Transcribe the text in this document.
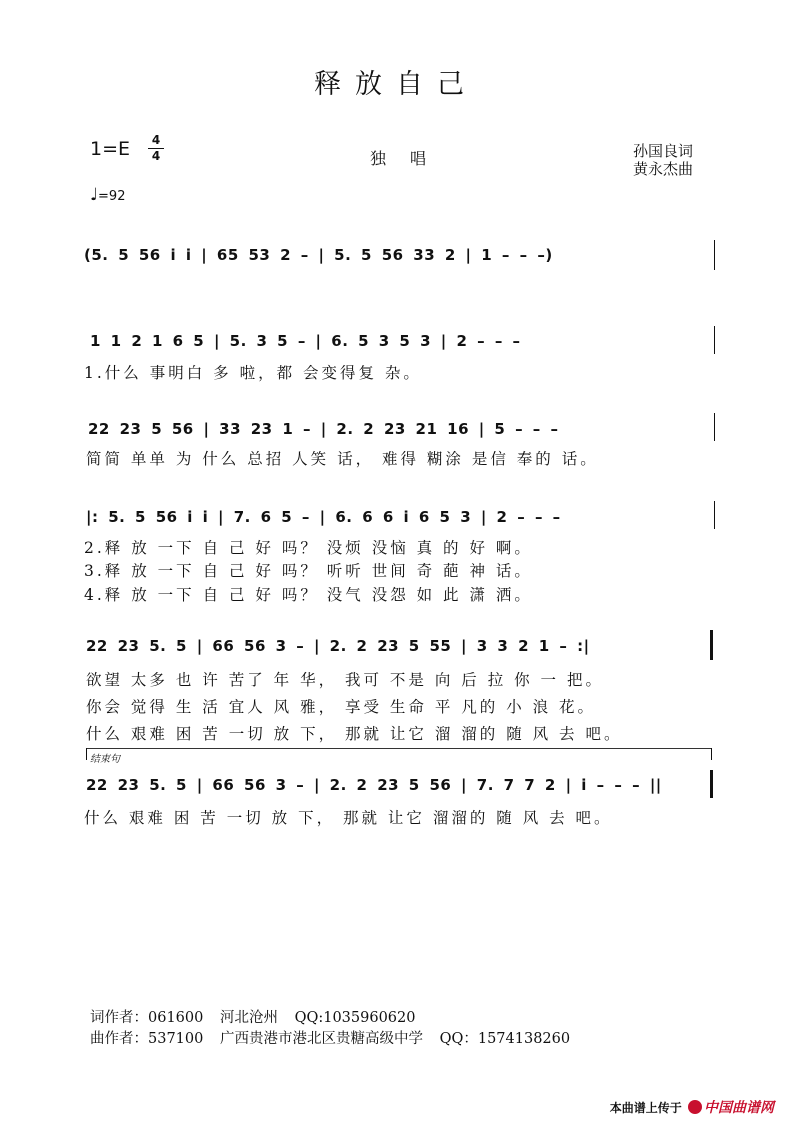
释放自己
1=E	4
4	独唱	孙国良词
黄永杰曲
♩=92
(5. 5 56 i i | 65 53 2 – | 5. 5 56 33 2 | 1 – – –)
1 1 2 1 6 5 | 5. 3 5 – | 6. 5 3 5 3 | 2 – – –
1.什么 事明白 多 啦，都 会变得复 杂。
22 23 5 56 | 33 23 1 – | 2. 2 23 21 16 | 5 – – –
简简 单单 为 什么 总招 人笑 话， 难得 糊涂 是信 奉的 话。
|: 5. 5 56 i i | 7. 6 5 – | 6. 6 6 i 6 5 3 | 2 – – –
2.释 放 一下 自 己 好 吗？ 没烦 没恼 真 的 好 啊。
3.释 放 一下 自 己 好 吗？ 听听 世间 奇 葩 神 话。
4.释 放 一下 自 己 好 吗？ 没气 没怨 如 此 潇 洒。
22 23 5. 5 | 66 56 3 – | 2. 2 23 5 55 | 3 3 2 1 – :|
欲望 太多 也 许 苦了 年 华， 我可 不是 向 后 拉 你 一 把。
你会 觉得 生 活 宜人 风 雅， 享受 生命 平 凡的 小 浪 花。
什么 艰难 困 苦 一切 放 下， 那就 让它 溜 溜的 随 风 去 吧。
结束句
22 23 5. 5 | 66 56 3 – | 2. 2 23 5 56 | 7. 7 7 2 | i – – – ||
什么 艰难 困 苦 一切 放 下， 那就 让它 溜溜的 随 风 去 吧。
词作者：061600 河北沧州 QQ:1035960620
曲作者：537100 广西贵港市港北区贵糖高级中学 QQ：1574138260
本曲谱上传于 中国曲谱网
